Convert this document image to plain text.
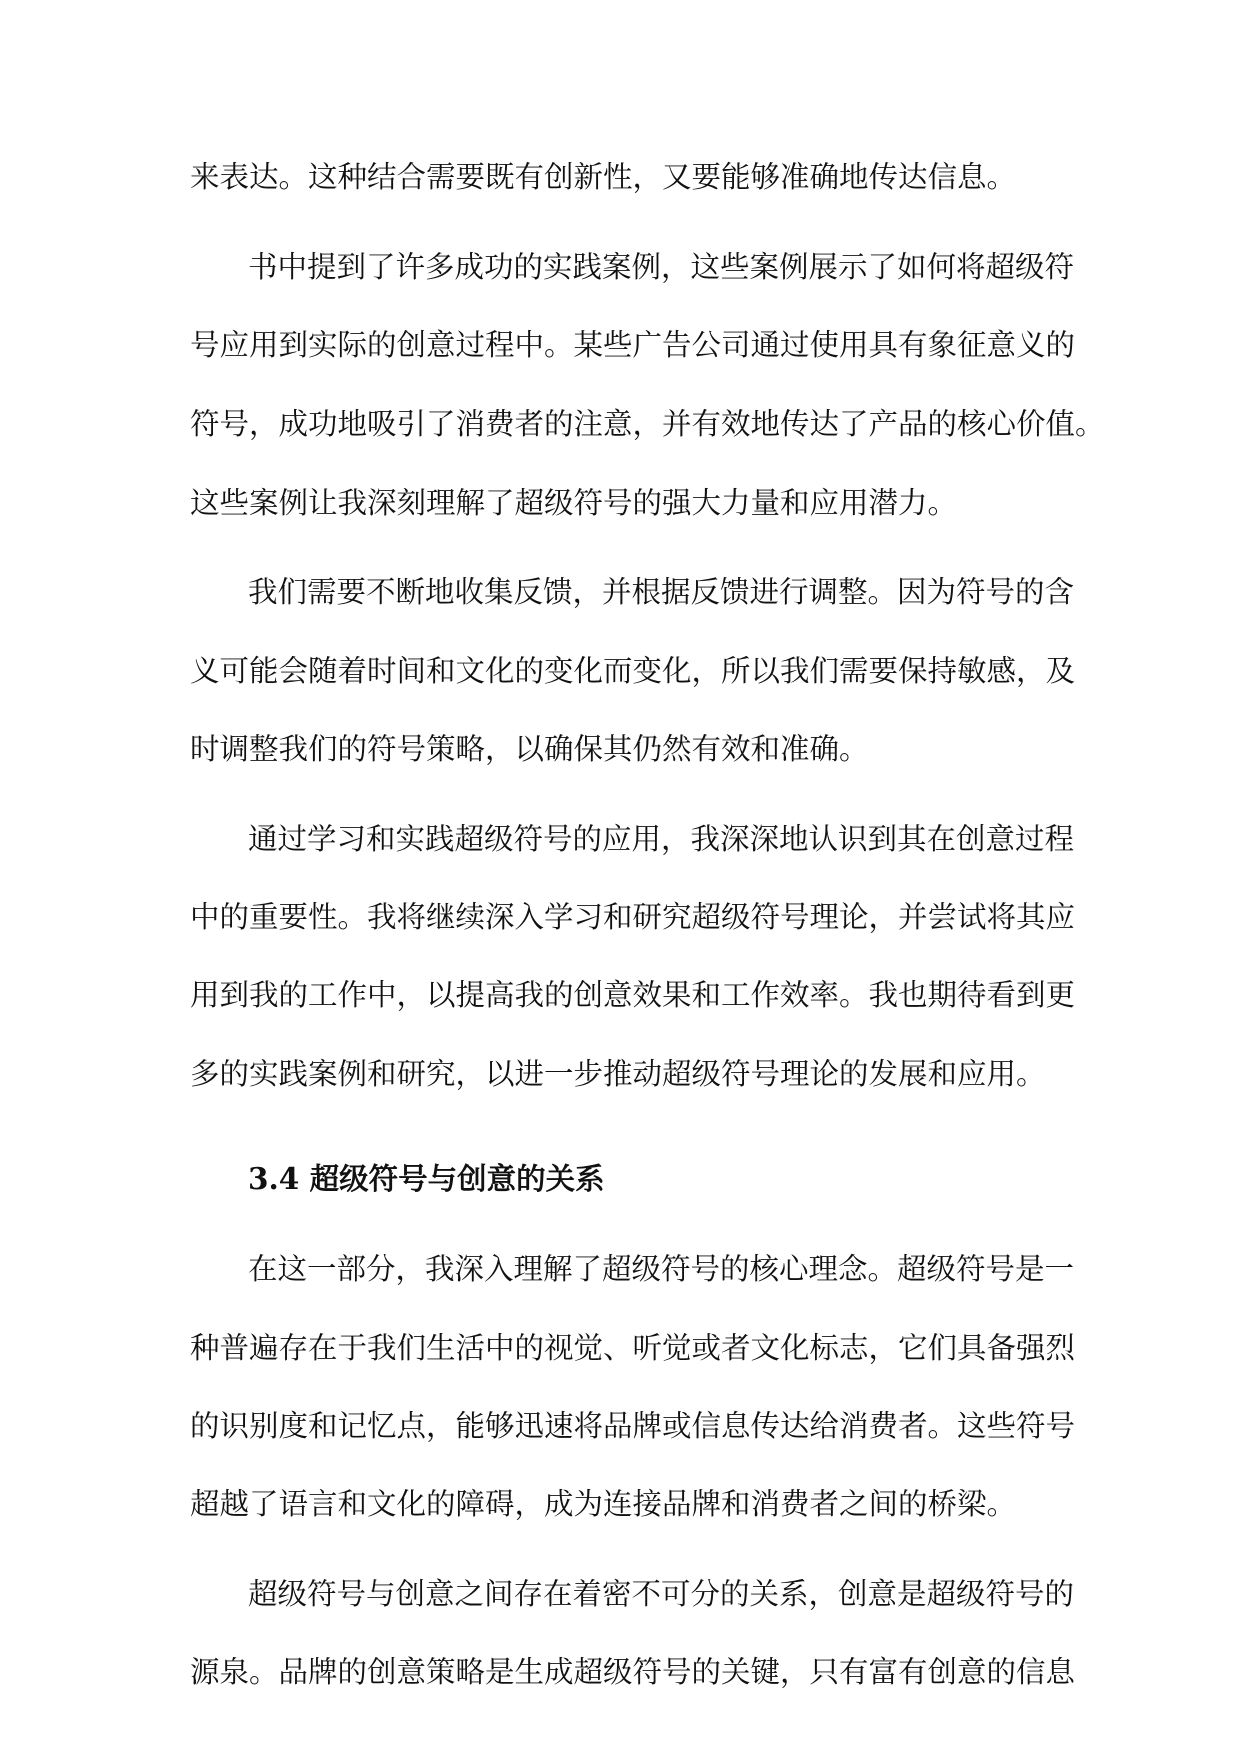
来表达。这种结合需要既有创新性，又要能够准确地传达信息。
书中提到了许多成功的实践案例，这些案例展示了如何将超级符
号应用到实际的创意过程中。某些广告公司通过使用具有象征意义的
符号，成功地吸引了消费者的注意，并有效地传达了产品的核心价值。
这些案例让我深刻理解了超级符号的强大力量和应用潜力。
我们需要不断地收集反馈，并根据反馈进行调整。因为符号的含
义可能会随着时间和文化的变化而变化，所以我们需要保持敏感，及
时调整我们的符号策略，以确保其仍然有效和准确。
通过学习和实践超级符号的应用，我深深地认识到其在创意过程
中的重要性。我将继续深入学习和研究超级符号理论，并尝试将其应
用到我的工作中，以提高我的创意效果和工作效率。我也期待看到更
多的实践案例和研究，以进一步推动超级符号理论的发展和应用。
3.4 超级符号与创意的关系
在这一部分，我深入理解了超级符号的核心理念。超级符号是一
种普遍存在于我们生活中的视觉、听觉或者文化标志，它们具备强烈
的识别度和记忆点，能够迅速将品牌或信息传达给消费者。这些符号
超越了语言和文化的障碍，成为连接品牌和消费者之间的桥梁。
超级符号与创意之间存在着密不可分的关系，创意是超级符号的
源泉。品牌的创意策略是生成超级符号的关键，只有富有创意的信息
